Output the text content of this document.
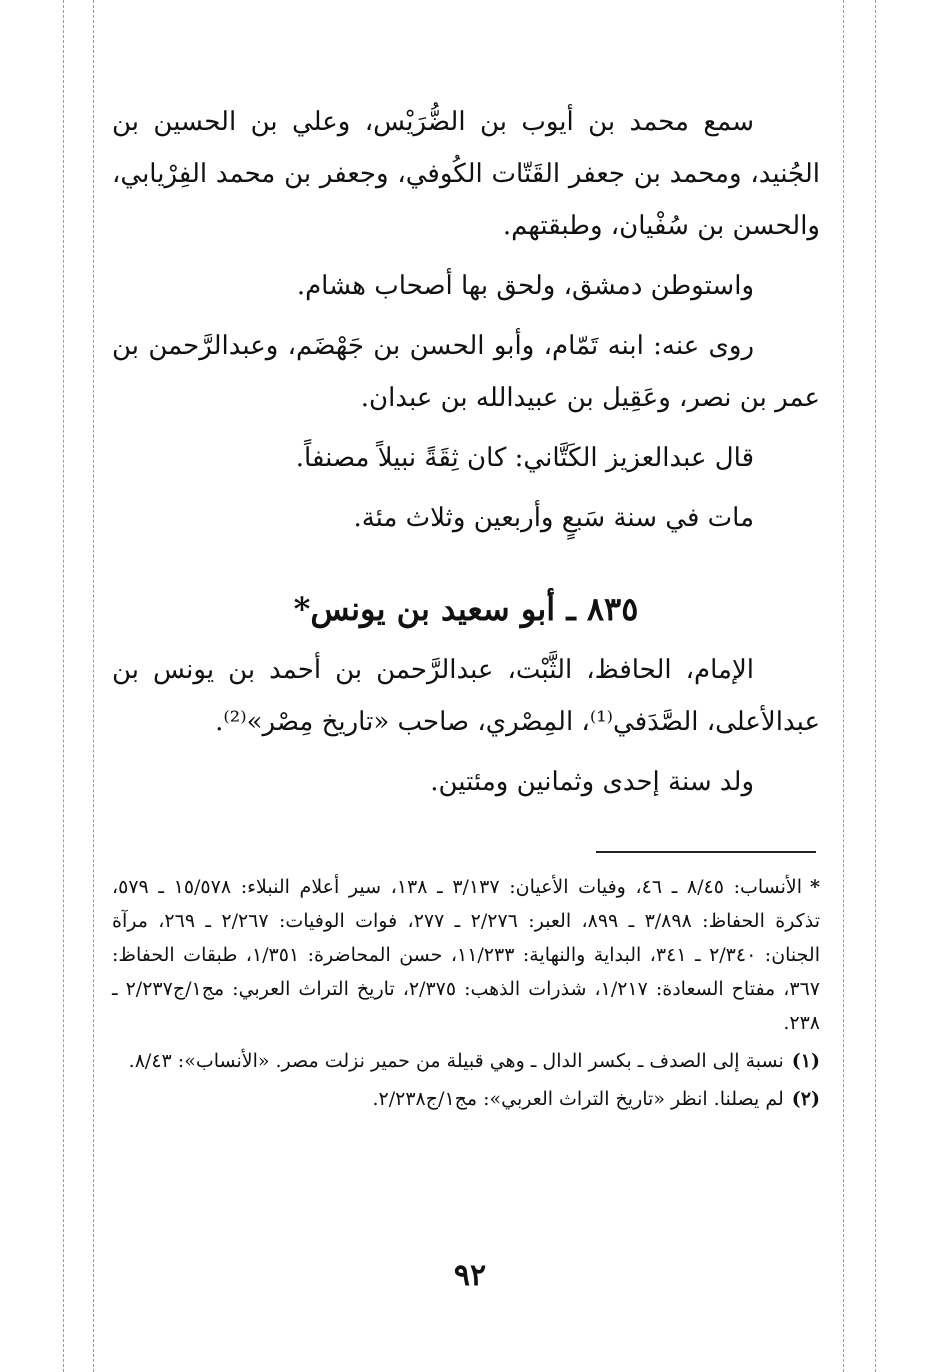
سمع محمد بن أيوب بن الضُّرَيْس، وعلي بن الحسين بن الجُنيد، ومحمد بن جعفر القَتّات الكُوفي، وجعفر بن محمد الفِرْيابي، والحسن بن سُفْيان، وطبقتهم.

واستوطن دمشق، ولحق بها أصحاب هشام.

روى عنه: ابنه تَمّام، وأبو الحسن بن جَهْضَم، وعبدالرَّحمن بن عمر بن نصر، وعَقِيل بن عبيدالله بن عبدان.

قال عبدالعزيز الكَتَّاني: كان ثِقَةً نبيلاً مصنفاً.

مات في سنة سَبعٍ وأربعين وثلاث مئة.

٨٣٥ ـ أبو سعيد بن يونس*

الإمام، الحافظ، الثَّبْت، عبدالرَّحمن بن أحمد بن يونس بن عبدالأعلى، الصَّدَفي⁽¹⁾، المِصْري، صاحب «تاريخ مِصْر»⁽²⁾.

ولد سنة إحدى وثمانين ومئتين.

*الأنساب: ٨/٤٥ ـ ٤٦، وفيات الأعيان: ٣/١٣٧ ـ ١٣٨، سير أعلام النبلاء: ١٥/٥٧٨ ـ ٥٧٩، تذكرة الحفاظ: ٣/٨٩٨ ـ ٨٩٩، العبر: ٢/٢٧٦ ـ ٢٧٧، فوات الوفيات: ٢/٢٦٧ ـ ٢٦٩، مرآة الجنان: ٢/٣٤٠ ـ ٣٤١، البداية والنهاية: ١١/٢٣٣، حسن المحاضرة: ١/٣٥١، طبقات الحفاظ: ٣٦٧، مفتاح السعادة: ١/٢١٧، شذرات الذهب: ٢/٣٧٥، تاريخ التراث العربي: مج١/ج٢/٢٣٧ ـ ٢٣٨.

(١)نسبة إلى الصدف ـ بكسر الدال ـ وهي قبيلة من حمير نزلت مصر. «الأنساب»: ٨/٤٣.

(٢)لم يصلنا. انظر «تاريخ التراث العربي»: مج١/ج٢/٢٣٨.

٩٢
